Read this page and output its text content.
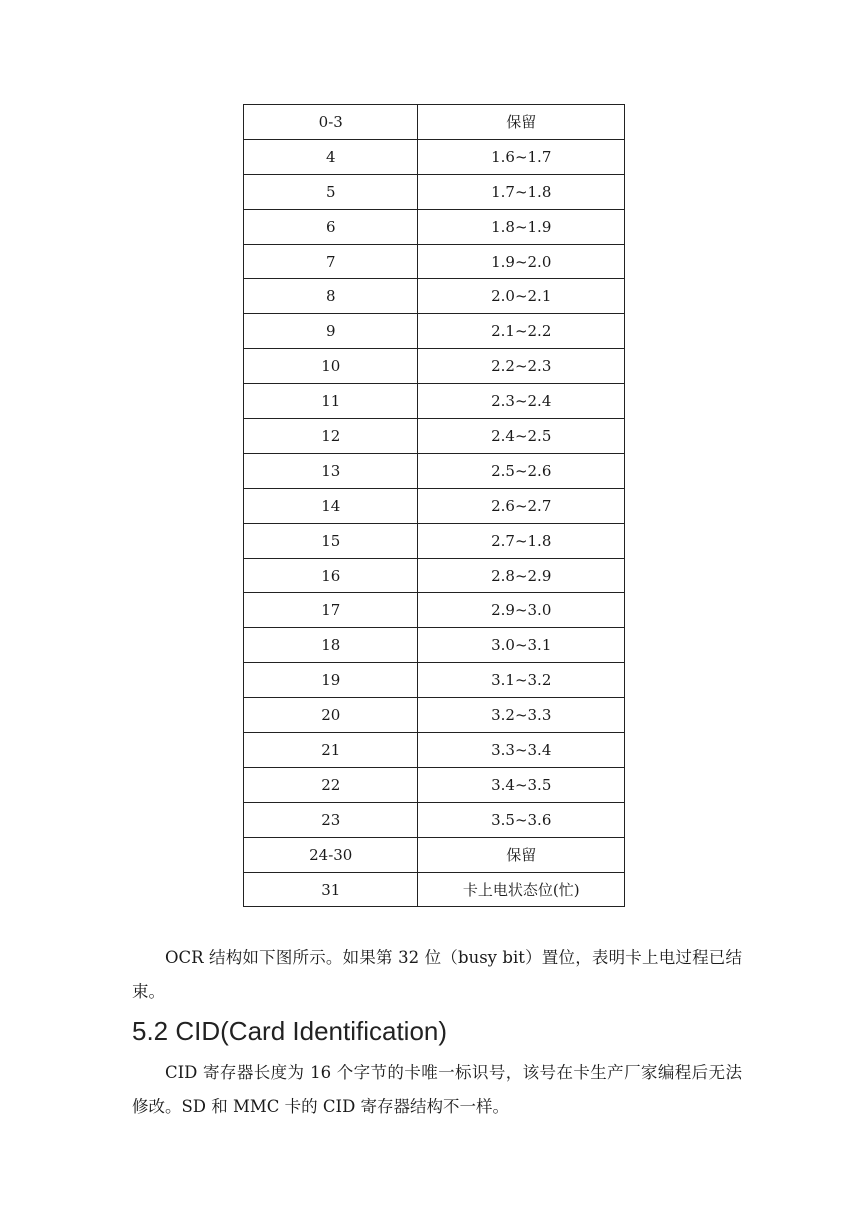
0-3	保留
4	1.6~1.7
5	1.7~1.8
6	1.8~1.9
7	1.9~2.0
8	2.0~2.1
9	2.1~2.2
10	2.2~2.3
11	2.3~2.4
12	2.4~2.5
13	2.5~2.6
14	2.6~2.7
15	2.7~1.8
16	2.8~2.9
17	2.9~3.0
18	3.0~3.1
19	3.1~3.2
20	3.2~3.3
21	3.3~3.4
22	3.4~3.5
23	3.5~3.6
24-30	保留
31	卡上电状态位(忙)

OCR 结构如下图所示。如果第 32 位（busy bit）置位，表明卡上电过程已结束。

5.2 CID(Card Identification)

CID 寄存器长度为 16 个字节的卡唯一标识号，该号在卡生产厂家编程后无法修改。SD 和 MMC 卡的 CID 寄存器结构不一样。
